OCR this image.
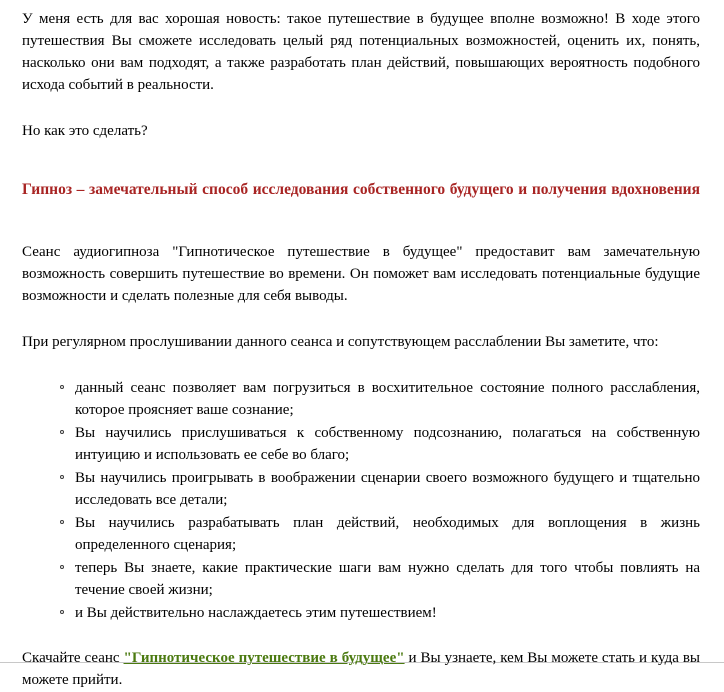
У меня есть для вас хорошая новость: такое путешествие в будущее вполне возможно! В ходе этого путешествия Вы сможете исследовать целый ряд потенциальных возможностей, оценить их, понять, насколько они вам подходят, а также разработать план действий, повышающих вероятность подобного исхода событий в реальности.

Но как это сделать?

Гипноз – замечательный способ исследования собственного будущего и получения вдохновения

Сеанс аудиогипноза "Гипнотическое путешествие в будущее" предоставит вам замечательную возможность совершить путешествие во времени. Он поможет вам исследовать потенциальные будущие возможности и сделать полезные для себя выводы.

При регулярном прослушивании данного сеанса и сопутствующем расслаблении Вы заметите, что:

данный сеанс позволяет вам погрузиться в восхитительное состояние полного расслабления, которое проясняет ваше сознание;
Вы научились прислушиваться к собственному подсознанию, полагаться на собственную интуицию и использовать ее себе во благо;
Вы научились проигрывать в воображении сценарии своего возможного будущего и тщательно исследовать все детали;
Вы научились разрабатывать план действий, необходимых для воплощения в жизнь определенного сценария;
теперь Вы знаете, какие практические шаги вам нужно сделать для того чтобы повлиять на течение своей жизни;
и Вы действительно наслаждаетесь этим путешествием!

Скачайте сеанс "Гипнотическое путешествие в будущее" и Вы узнаете, кем Вы можете стать и куда вы можете прийти.
